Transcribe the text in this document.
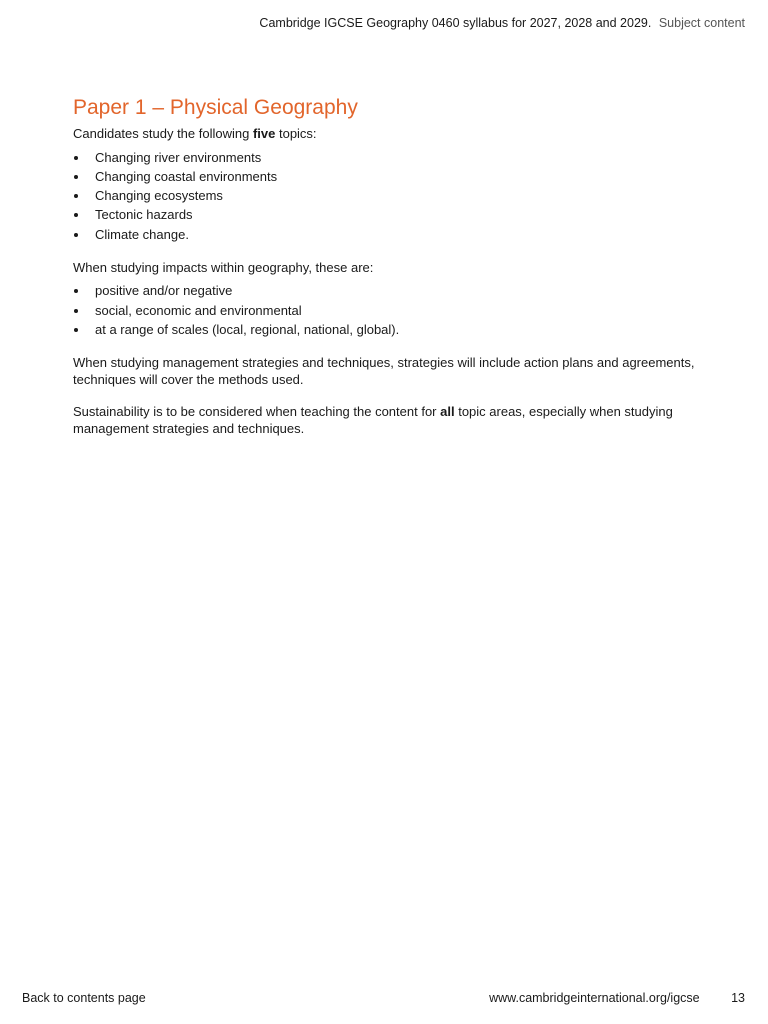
Cambridge IGCSE Geography 0460 syllabus for 2027, 2028 and 2029. Subject content
Paper 1 – Physical Geography

Candidates study the following five topics:

Changing river environments
Changing coastal environments
Changing ecosystems
Tectonic hazards
Climate change.

When studying impacts within geography, these are:

positive and/or negative
social, economic and environmental
at a range of scales (local, regional, national, global).

When studying management strategies and techniques, strategies will include action plans and agreements, techniques will cover the methods used.

Sustainability is to be considered when teaching the content for all topic areas, especially when studying management strategies and techniques.

Back to contents page	www.cambridgeinternational.org/igcse	13
